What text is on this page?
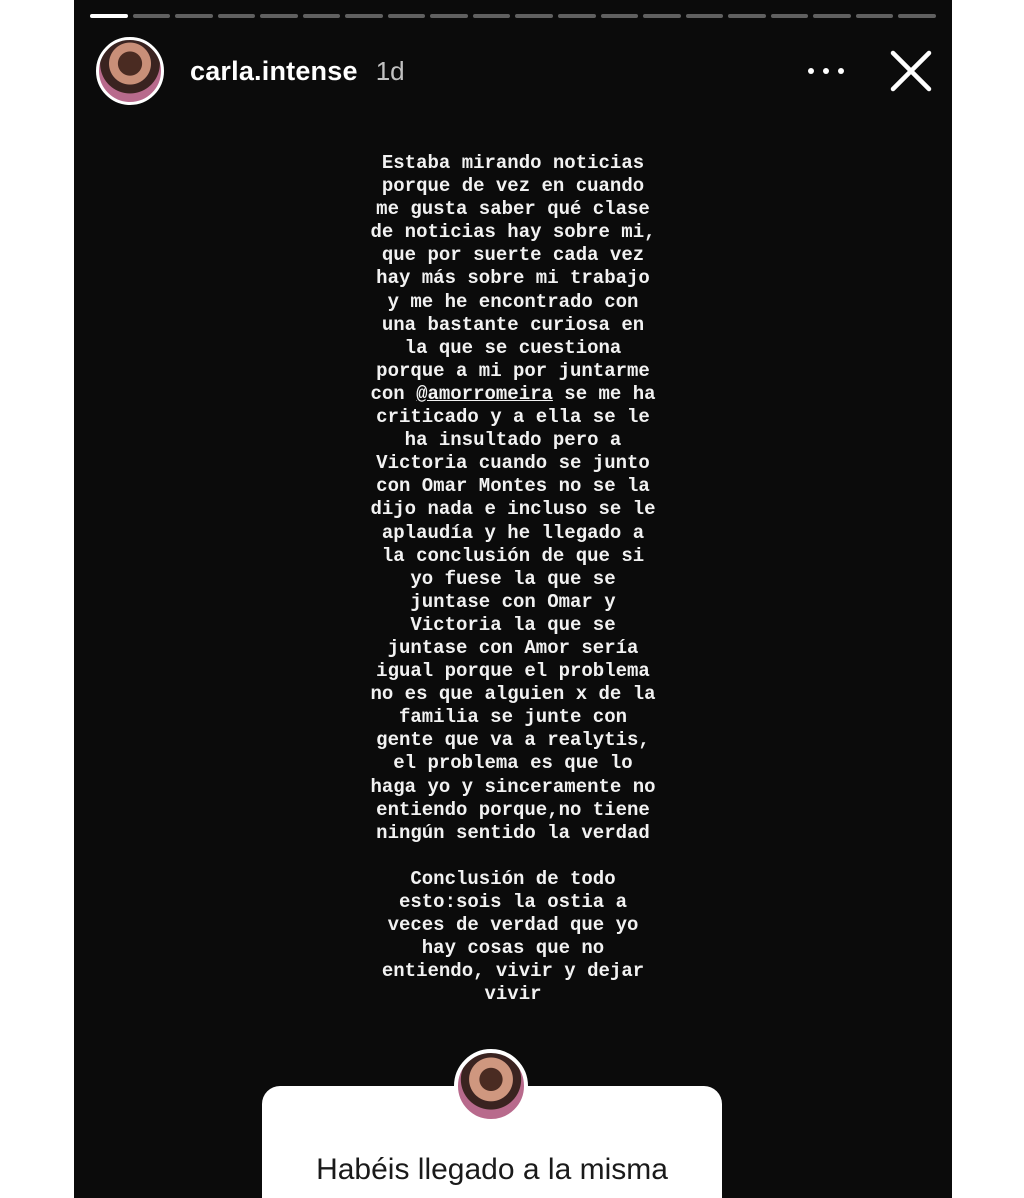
carla.intense 1d
Estaba mirando noticias
porque de vez en cuando
me gusta saber qué clase
de noticias hay sobre mi,
que por suerte cada vez
hay más sobre mi trabajo
y me he encontrado con
una bastante curiosa en
la que se cuestiona
porque a mi por juntarme
con @amorromeira se me ha
criticado y a ella se le
ha insultado pero a
Victoria cuando se junto
con Omar Montes no se la
dijo nada e incluso se le
aplaudía y he llegado a
la conclusión de que si
yo fuese la que se
juntase con Omar y
Victoria la que se
juntase con Amor sería
igual porque el problema
no es que alguien x de la
familia se junte con
gente que va a realytis,
el problema es que lo
haga yo y sinceramente no
entiendo porque,no tiene
ningún sentido la verdad

Conclusión de todo
esto:sois la ostia a
veces de verdad que yo
hay cosas que no
entiendo, vivir y dejar
vivir
Habéis llegado a la misma
